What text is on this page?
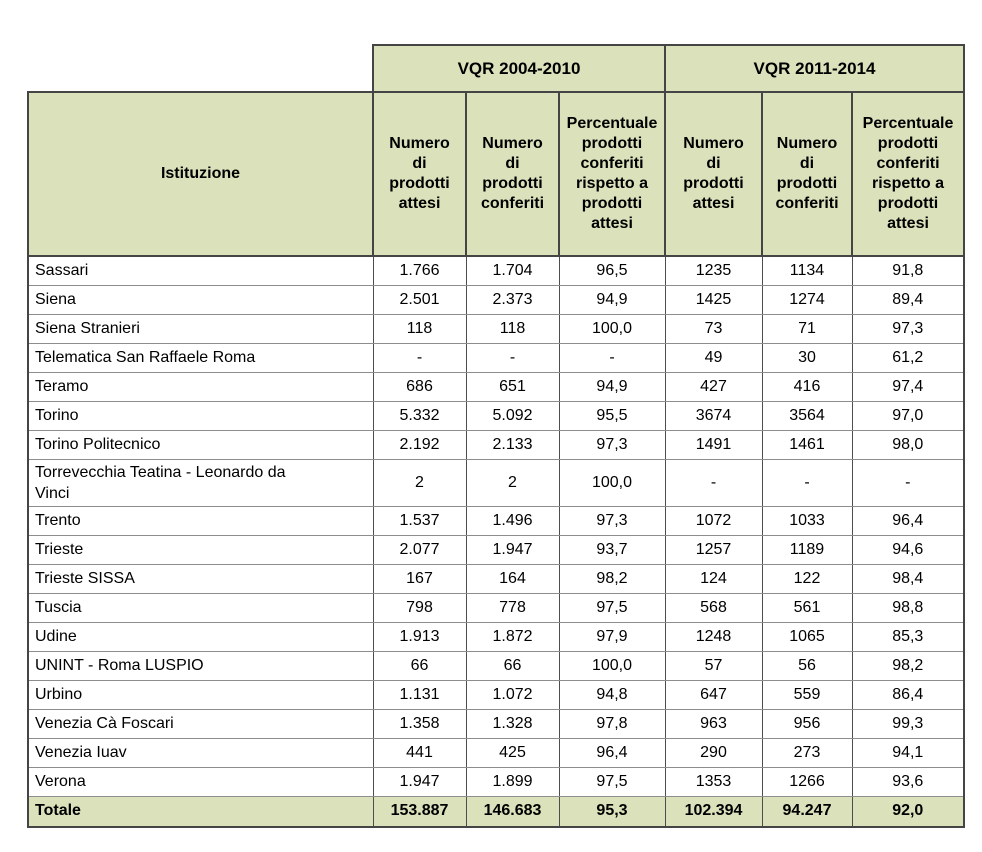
	VQR 2004-2010			VQR 2011-2014		
Istituzione	Numero di prodotti attesi	Numero di prodotti conferiti	Percentuale prodotti conferiti rispetto a prodotti attesi	Numero di prodotti attesi	Numero di prodotti conferiti	Percentuale prodotti conferiti rispetto a prodotti attesi

Sassari	1.766	1.704	96,5	1235	1134	91,8

Siena	2.501	2.373	94,9	1425	1274	89,4

Siena Stranieri	118	118	100,0	73	71	97,3

Telematica San Raffaele Roma	-	-	-	49	30	61,2

Teramo	686	651	94,9	427	416	97,4

Torino	5.332	5.092	95,5	3674	3564	97,0

Torino Politecnico	2.192	2.133	97,3	1491	1461	98,0

Torrevecchia Teatina - Leonardo da Vinci	2	2	100,0	-	-	-

Trento	1.537	1.496	97,3	1072	1033	96,4

Trieste	2.077	1.947	93,7	1257	1189	94,6

Trieste SISSA	167	164	98,2	124	122	98,4

Tuscia	798	778	97,5	568	561	98,8

Udine	1.913	1.872	97,9	1248	1065	85,3

UNINT - Roma LUSPIO	66	66	100,0	57	56	98,2

Urbino	1.131	1.072	94,8	647	559	86,4

Venezia Cà Foscari	1.358	1.328	97,8	963	956	99,3

Venezia Iuav	441	425	96,4	290	273	94,1

Verona	1.947	1.899	97,5	1353	1266	93,6
Totale	153.887	146.683	95,3	102.394	94.247	92,0
